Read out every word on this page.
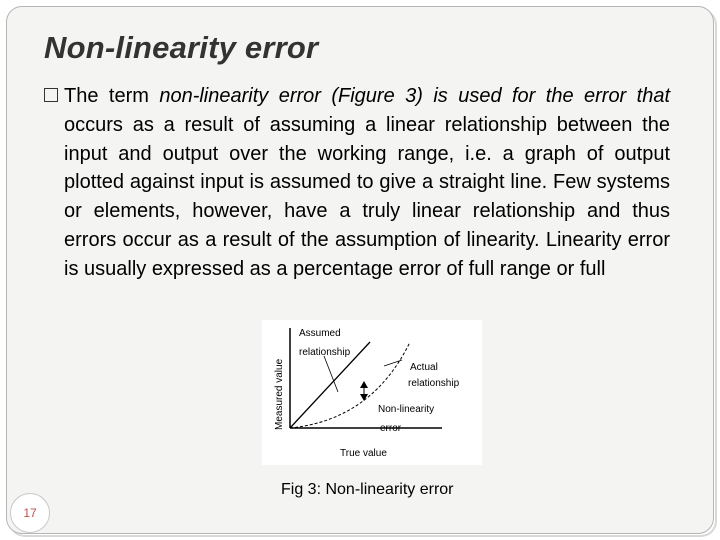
Non-linearity error
The term non-linearity error (Figure 3) is used for the error that occurs as a result of assuming a linear relationship between the input and output over the working range, i.e. a graph of output plotted against input is assumed to give a straight line. Few systems or elements, however, have a truly linear relationship and thus errors occur as a result of the assumption of linearity. Linearity error is usually expressed as a percentage error of full range or full
Assumed
relationship
Actual
relationship
Non-linearity
error
Measured value
True value
Fig 3: Non-linearity error
17
